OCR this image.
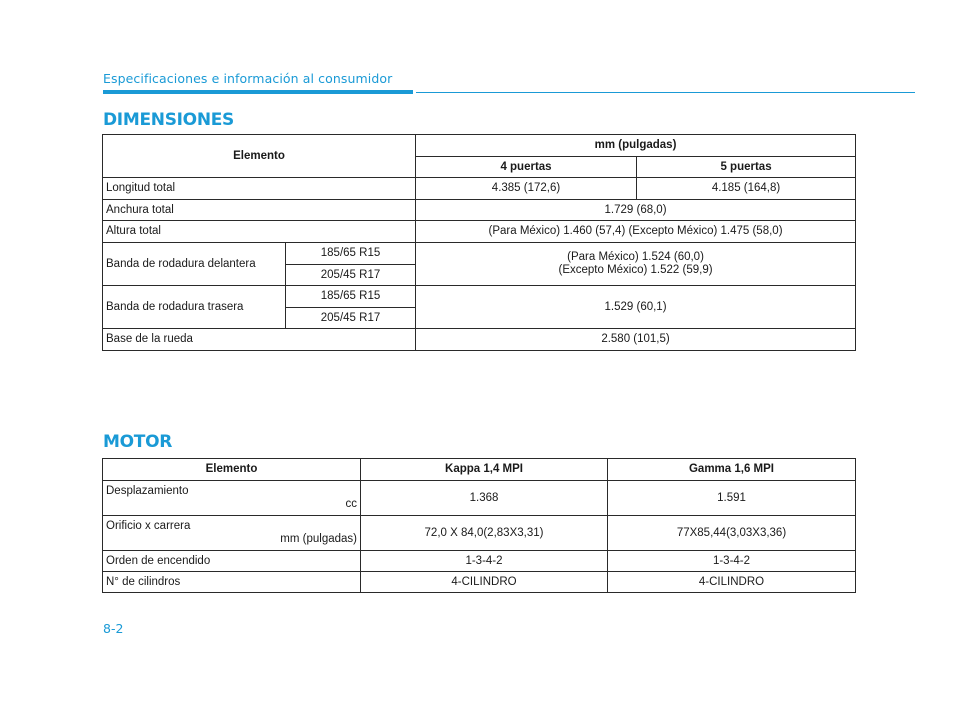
Especificaciones e información al consumidor
DIMENSIONES
Elemento		mm (pulgadas)	
		4 puertas	5 puertas
Longitud total		4.385 (172,6)	4.185 (164,8)
Anchura total		1.729 (68,0)	
Altura total		(Para México) 1.460 (57,4) (Excepto México) 1.475 (58,0)	
Banda de rodadura delantera	185/65 R15	(Para México) 1.524 (60,0)
(Excepto México) 1.522 (59,9)	

	205/45 R17		
Banda de rodadura trasera	185/65 R15	1.529 (60,1)	
	205/45 R17		
Base de la rueda		2.580 (101,5)	
MOTOR
Elemento	Kappa 1,4 MPI	Gamma 1,6 MPI
Desplazamiento
cc	1.368	1.591
Orificio x carrera
mm (pulgadas)	72,0 X 84,0(2,83X3,31)	77X85,44(3,03X3,36)
Orden de encendido	1-3-4-2	1-3-4-2
N° de cilindros	4-CILINDRO	4-CILINDRO
8-2
